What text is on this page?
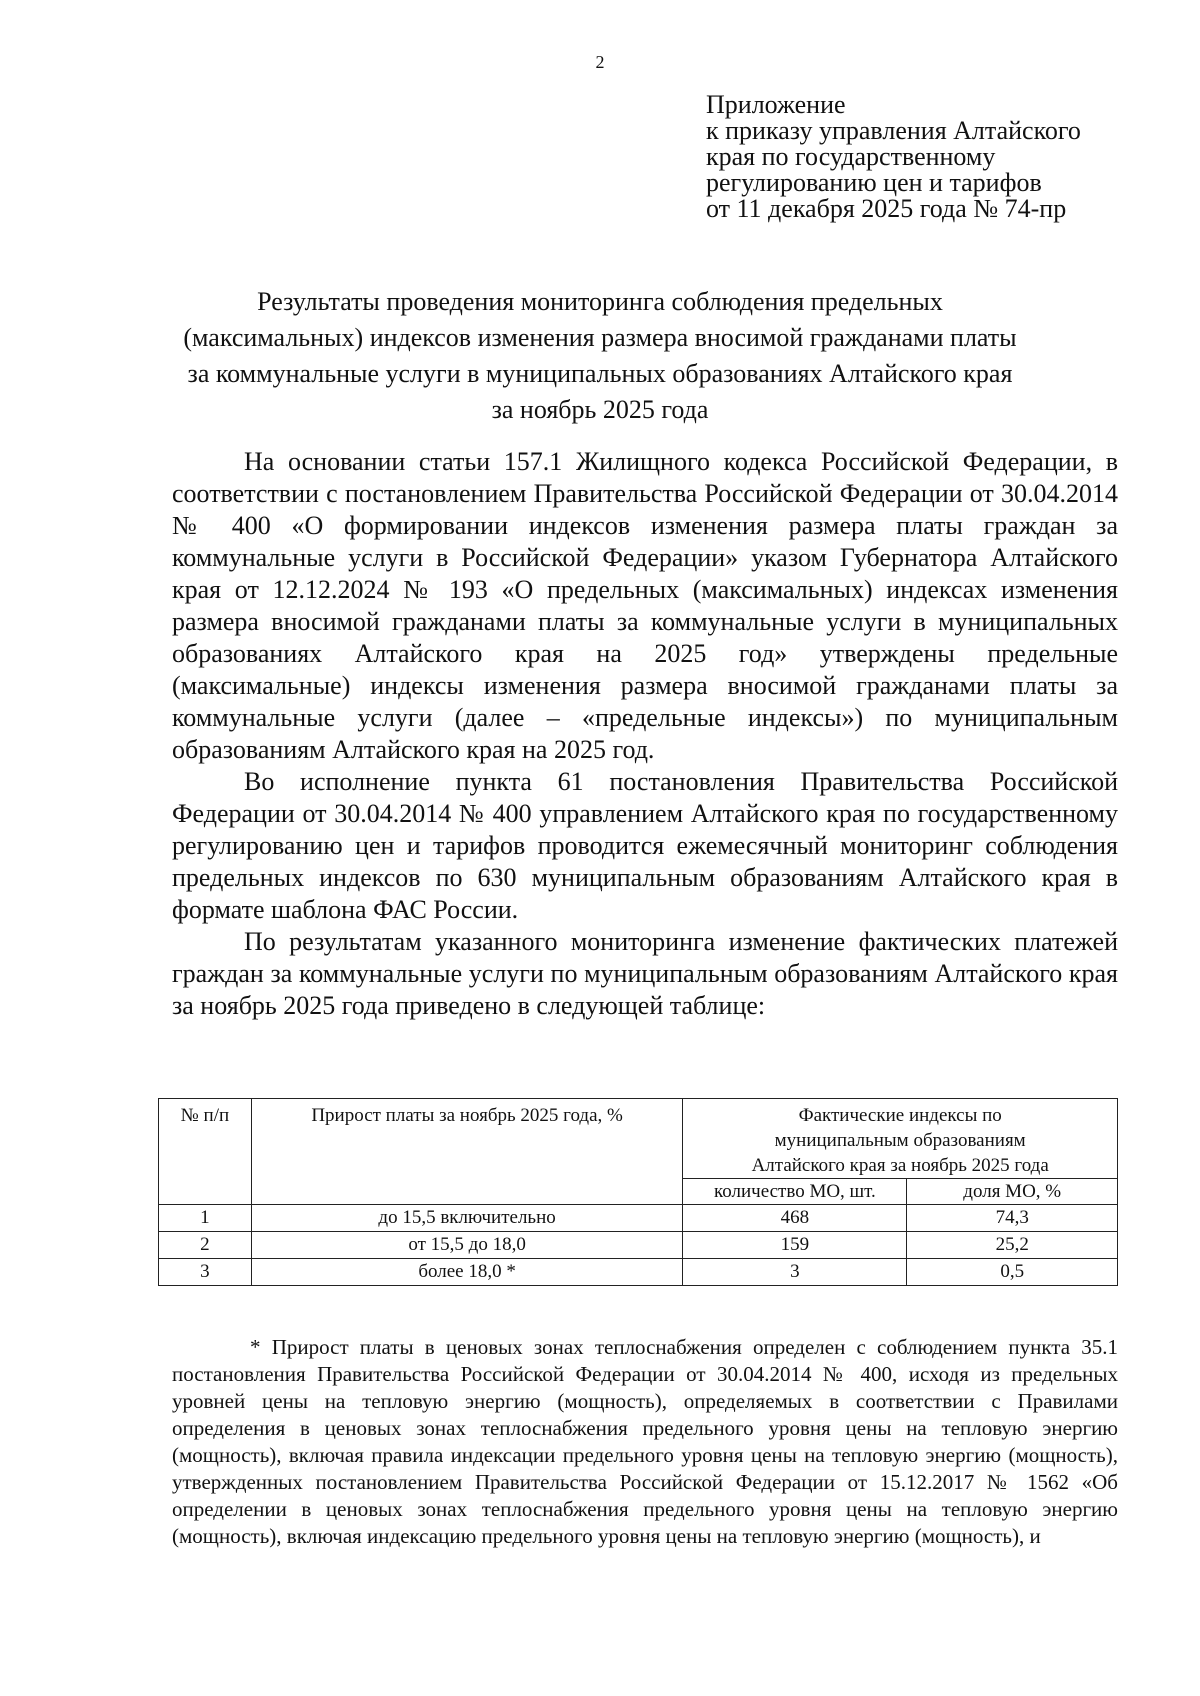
2
Приложение
к приказу управления Алтайского
края по государственному
регулированию цен и тарифов
от 11 декабря 2025 года № 74-пр
Результаты проведения мониторинга соблюдения предельных
(максимальных) индексов изменения размера вносимой гражданами платы
за коммунальные услуги в муниципальных образованиях Алтайского края
за ноябрь 2025 года

На основании статьи 157.1 Жилищного кодекса Российской Федерации, в соответствии с постановлением Правительства Российской Федерации от 30.04.2014 № 400 «О формировании индексов изменения размера платы граждан за коммунальные услуги в Российской Федерации» указом Губернатора Алтайского края от 12.12.2024 № 193 «О предельных (максимальных) индексах изменения размера вносимой гражданами платы за коммунальные услуги в муниципальных образованиях Алтайского края на 2025 год» утверждены предельные (максимальные) индексы изменения размера вносимой гражданами платы за коммунальные услуги (далее – «предельные индексы») по муниципальным образованиям Алтайского края на 2025 год.

Во исполнение пункта 61 постановления Правительства Российской Федерации от 30.04.2014 № 400 управлением Алтайского края по государственному регулированию цен и тарифов проводится ежемесячный мониторинг соблюдения предельных индексов по 630 муниципальным образованиям Алтайского края в формате шаблона ФАС России.

По результатам указанного мониторинга изменение фактических платежей граждан за коммунальные услуги по муниципальным образованиям Алтайского края за ноябрь 2025 года приведено в следующей таблице:

№ п/п	Прирост платы за ноябрь 2025 года, %	Фактические индексы по муниципальным образованиям Алтайского края за ноябрь 2025 года	
		количество МО, шт.	доля МО, %
1	до 15,5 включительно	468	74,3
2	от 15,5 до 18,0	159	25,2
3	более 18,0 *	3	0,5

* Прирост платы в ценовых зонах теплоснабжения определен с соблюдением пункта 35.1 постановления Правительства Российской Федерации от 30.04.2014 № 400, исходя из предельных уровней цены на тепловую энергию (мощность), определяемых в соответствии с Правилами определения в ценовых зонах теплоснабжения предельного уровня цены на тепловую энергию (мощность), включая правила индексации предельного уровня цены на тепловую энергию (мощность), утвержденных постановлением Правительства Российской Федерации от 15.12.2017 № 1562 «Об определении в ценовых зонах теплоснабжения предельного уровня цены на тепловую энергию (мощность), включая индексацию предельного уровня цены на тепловую энергию (мощность), и
